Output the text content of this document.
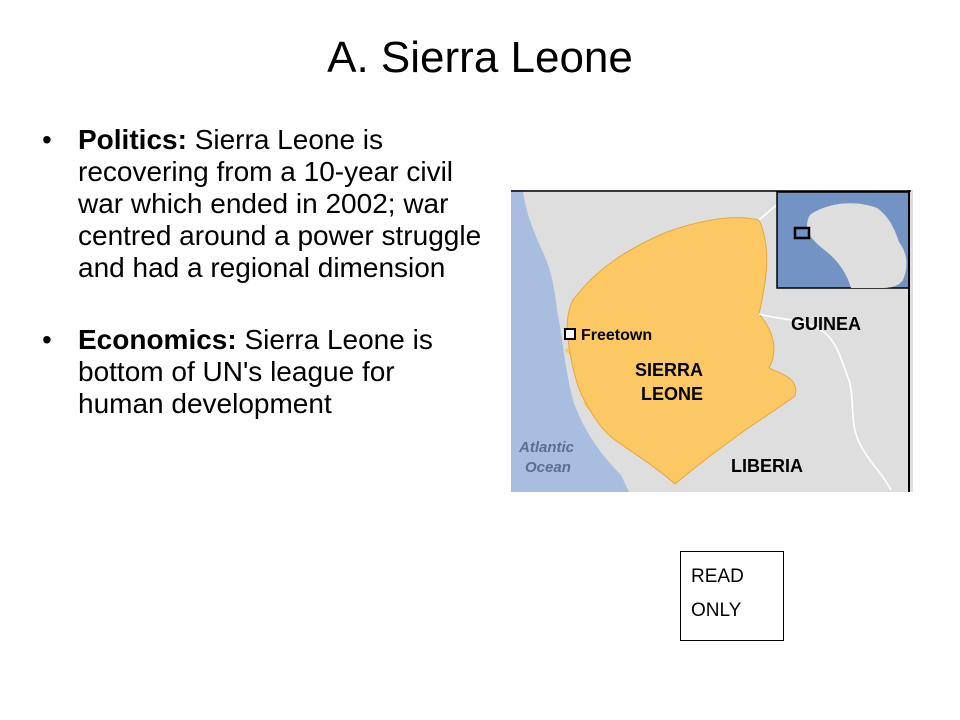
A. Sierra Leone
• Politics: Sierra Leone is recovering from a 10-year civil war which ended in 2002; war centred around a power struggle and had a regional dimension
• Economics: Sierra Leone is bottom of UN's league for human development
Freetown
SIERRA
LEONE
GUINEA
LIBERIA
Atlantic
Ocean
READ
ONLY
